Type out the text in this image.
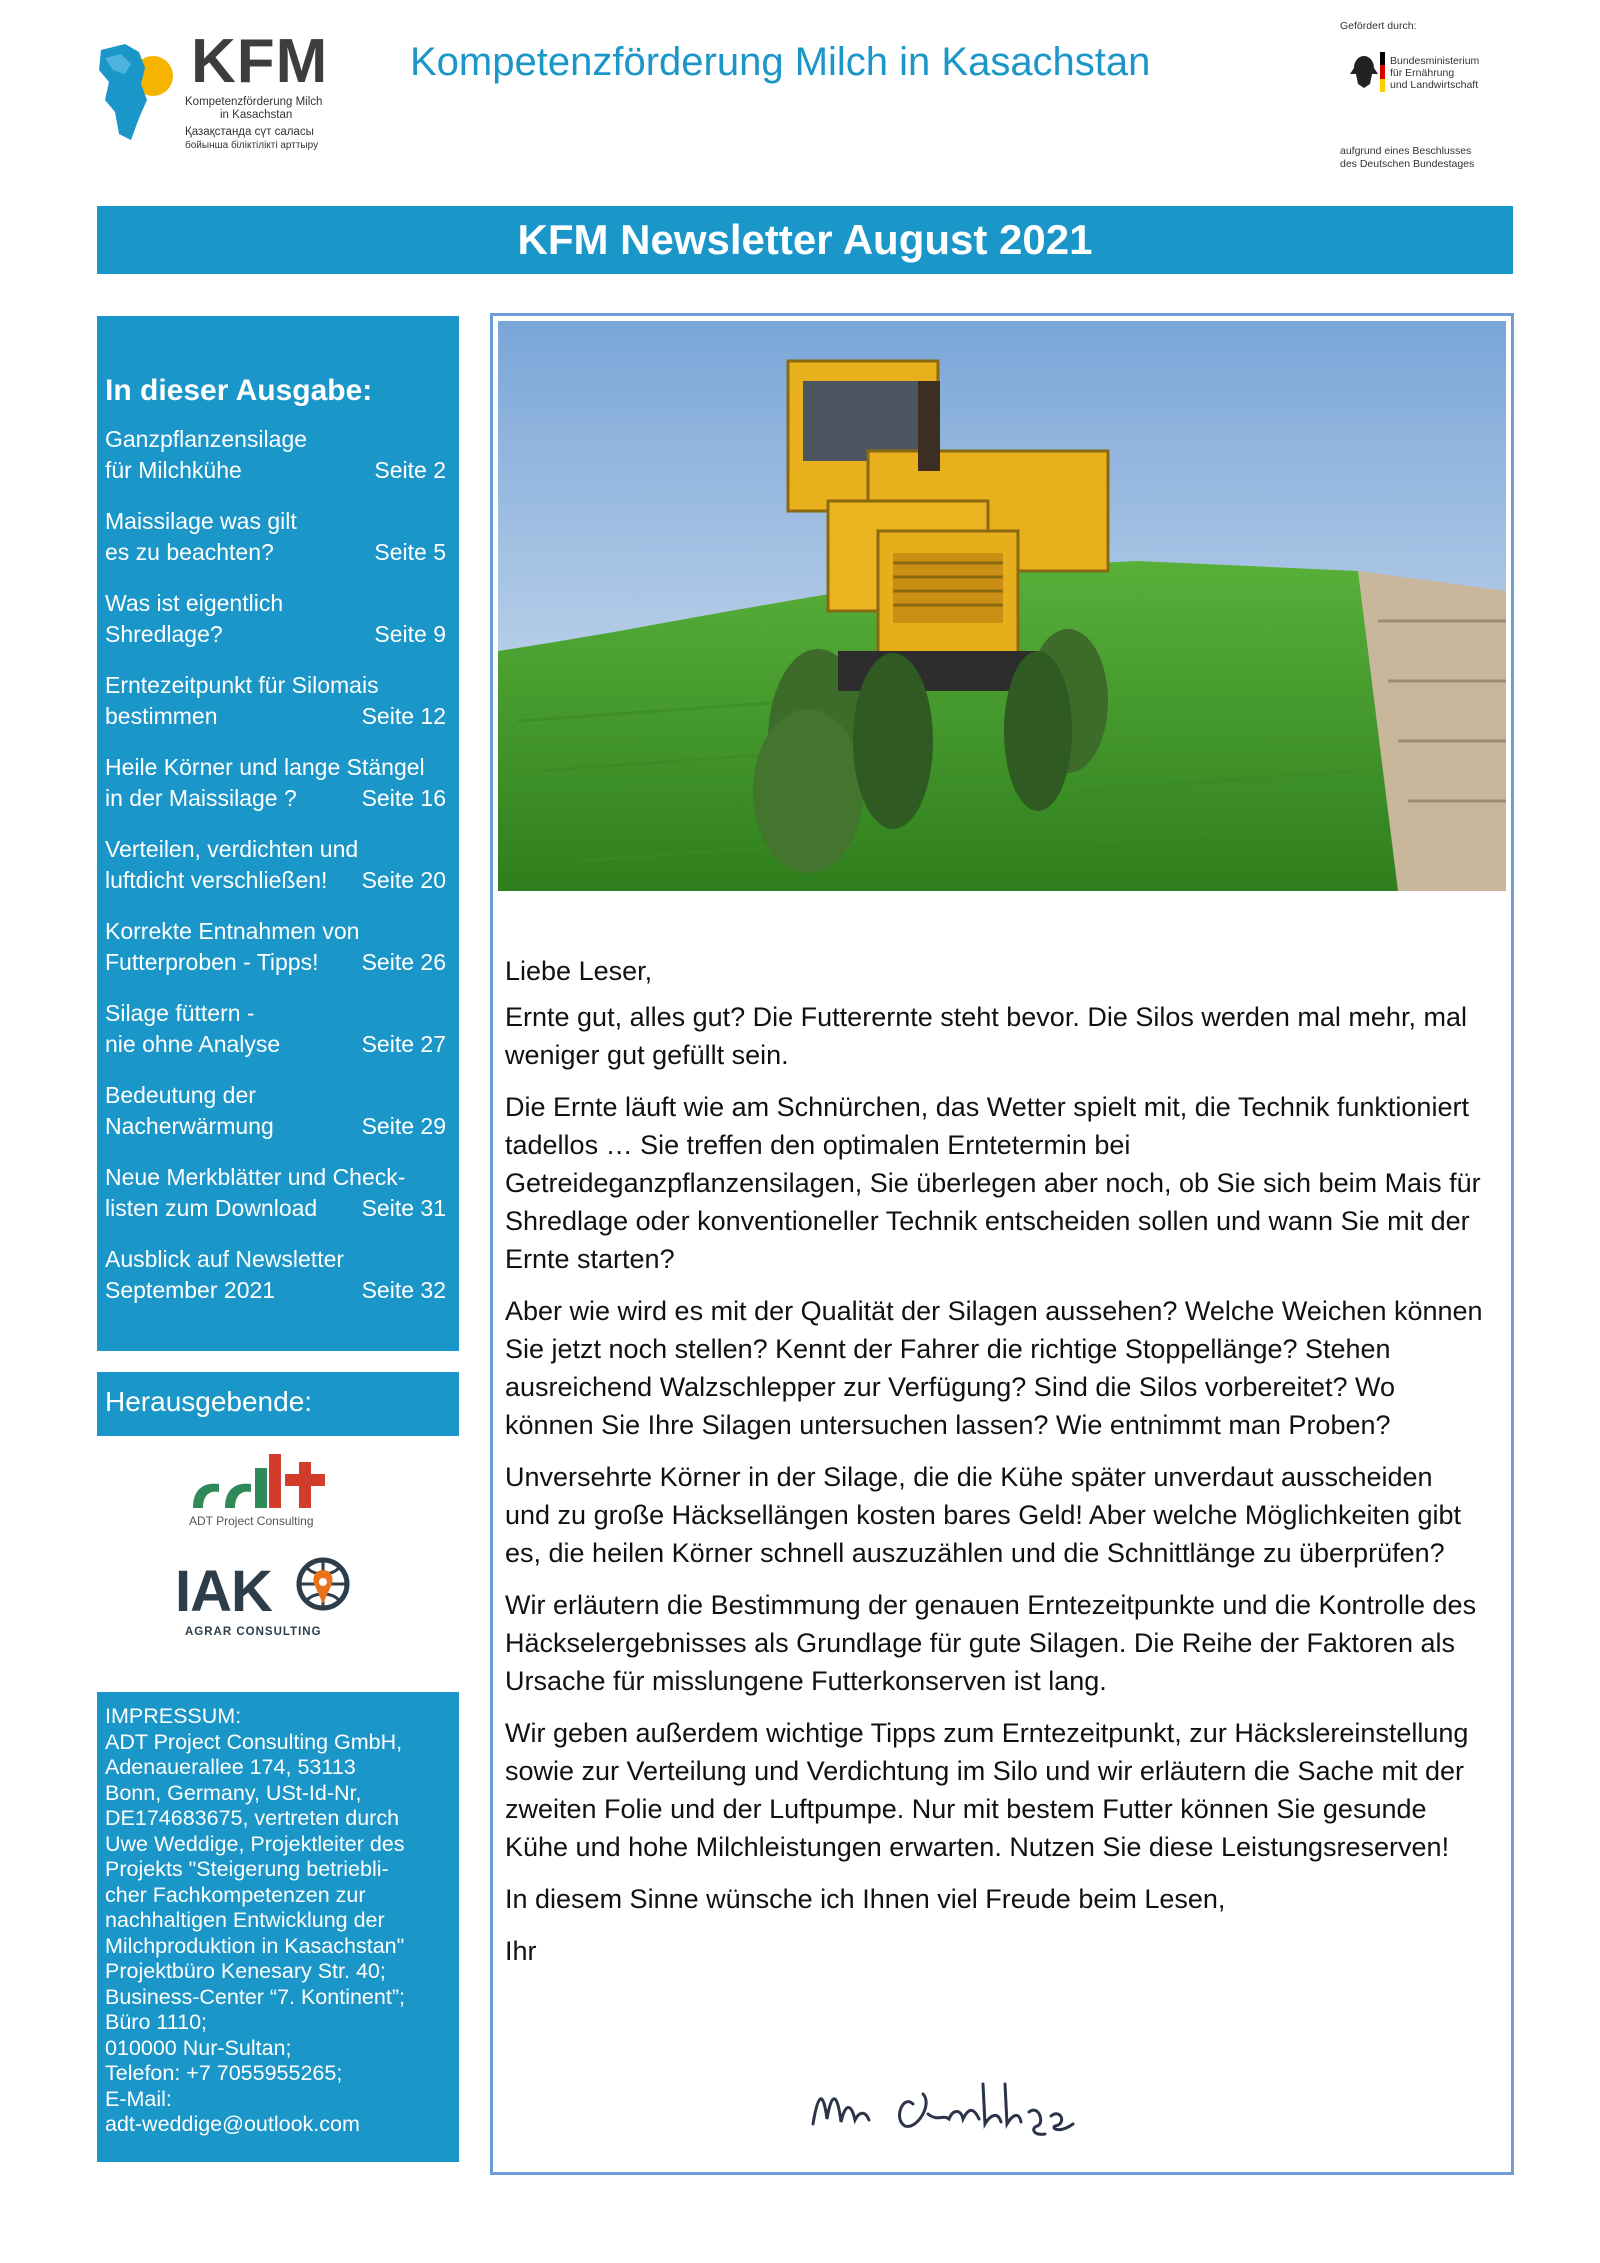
KFM
Kompetenzförderung Milch
in Kasachstan
Қазақстанда сүт саласы
бойынша біліктілікті арттыру
Kompetenzförderung Milch in Kasachstan
Gefördert durch:
Bundesministerium
für Ernährung
und Landwirtschaft
aufgrund eines Beschlusses
des Deutschen Bundestages
KFM Newsletter August 2021
In dieser Ausgabe:
Ganzpflanzensilage
für Milchkühe	Seite 2
Maissilage was gilt
es zu beachten?	Seite 5
Was ist eigentlich
Shredlage?	Seite 9
Erntezeitpunkt für Silomais
bestimmen	Seite 12
Heile Körner und lange Stängel
in der Maissilage ?	Seite 16
Verteilen, verdichten und
luftdicht verschließen!	Seite 20
Korrekte Entnahmen von
Futterproben - Tipps!	Seite 26
Silage füttern -
nie ohne Analyse	Seite 27
Bedeutung der
Nacherwärmung	Seite 29
Neue Merkblätter und Check-
listen zum Download	Seite 31
Ausblick auf Newsletter
September 2021	Seite 32
Herausgebende:
ADT Project Consulting
IAK
AGRAR CONSULTING
IMPRESSUM:
ADT Project Consulting GmbH,
Adenauerallee 174, 53113
Bonn, Germany, USt-Id-Nr,
DE174683675, vertreten durch
Uwe Weddige, Projektleiter des
Projekts "Steigerung betriebli-
cher Fachkompetenzen zur
nachhaltigen Entwicklung der
Milchproduktion in Kasachstan"
Projektbüro Kenesary Str. 40;
Business-Center “7. Kontinent”;
Büro 1110;
010000 Nur-Sultan;
Telefon: +7 7055955265;
E-Mail:
adt-weddige@outlook.com

Liebe Leser,

Ernte gut, alles gut? Die Futterernte steht bevor. Die Silos werden mal mehr, mal weniger gut gefüllt sein.

Die Ernte läuft wie am Schnürchen, das Wetter spielt mit, die Technik funktioniert tadellos … Sie treffen den optimalen Erntetermin bei Getreideganzpflanzensilagen, Sie überlegen aber noch, ob Sie sich beim Mais für Shredlage oder konventioneller Technik entscheiden sollen und wann Sie mit der Ernte starten?

Aber wie wird es mit der Qualität der Silagen aussehen? Welche Weichen können Sie jetzt noch stellen? Kennt der Fahrer die richtige Stoppellänge? Stehen ausreichend Walzschlepper zur Verfügung? Sind die Silos vorbereitet? Wo können Sie Ihre Silagen untersuchen lassen? Wie entnimmt man Proben?

Unversehrte Körner in der Silage, die die Kühe später unverdaut ausscheiden und zu große Häcksellängen kosten bares Geld! Aber welche Möglichkeiten gibt es, die heilen Körner schnell auszuzählen und die Schnittlänge zu überprüfen?

Wir erläutern die Bestimmung der genauen Erntezeitpunkte und die Kontrolle des Häckselergebnisses als Grundlage für gute Silagen. Die Reihe der Faktoren als Ursache für misslungene Futterkonserven ist lang.

Wir geben außerdem wichtige Tipps zum Erntezeitpunkt, zur Häckslereinstellung sowie zur Verteilung und Verdichtung im Silo und wir erläutern die Sache mit der zweiten Folie und der Luftpumpe. Nur mit bestem Futter können Sie gesunde Kühe und hohe Milchleistungen erwarten. Nutzen Sie diese Leistungsreserven!

In diesem Sinne wünsche ich Ihnen viel Freude beim Lesen,

Ihr
